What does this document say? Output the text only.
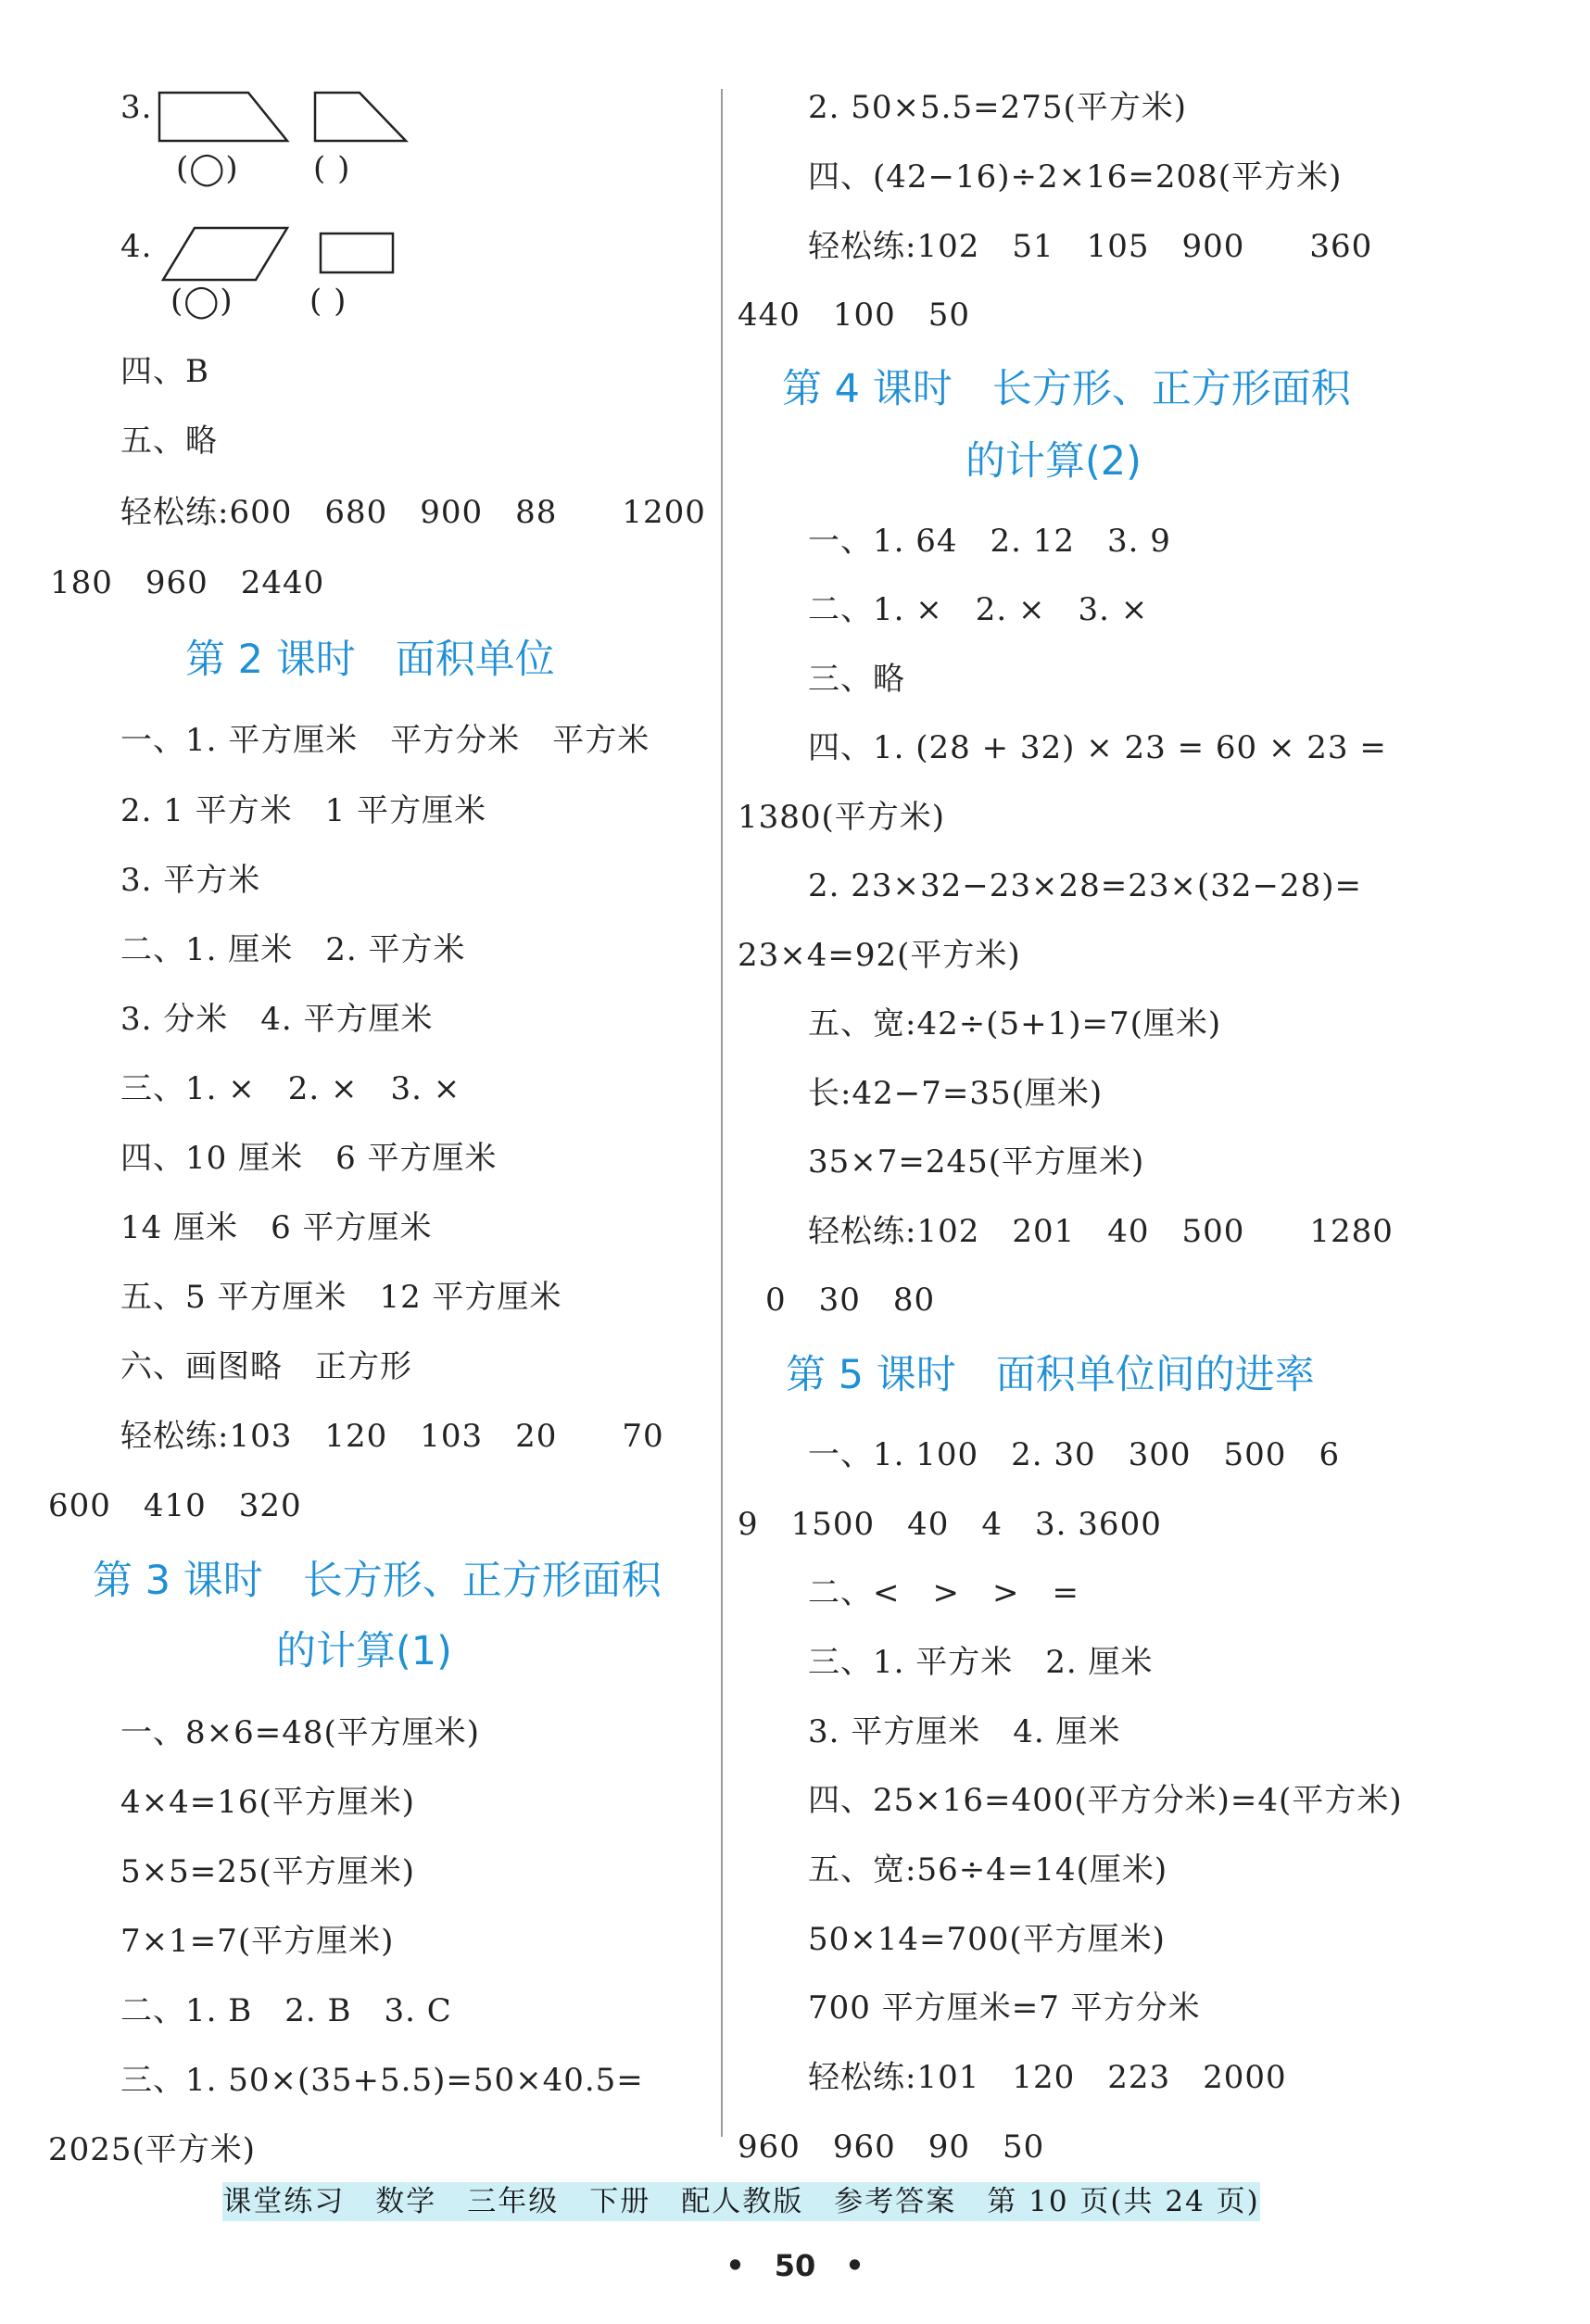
3.
(◯) ( )
4.
(◯) ( )
四、B
五、略
轻松练:600　680　900　88　　1200
180　960　2440
第 2 课时　面积单位
一、1. 平方厘米　平方分米　平方米
2. 1 平方米　1 平方厘米
3. 平方米
二、1. 厘米　2. 平方米
3. 分米　4. 平方厘米
三、1. ×　2. ×　3. ×
四、10 厘米　6 平方厘米
14 厘米　6 平方厘米
五、5 平方厘米　12 平方厘米
六、画图略　正方形
轻松练:103　120　103　20　　70
600　410　320
第 3 课时　长方形、正方形面积
的计算(1)
一、8×6=48(平方厘米)
4×4=16(平方厘米)
5×5=25(平方厘米)
7×1=7(平方厘米)
二、1. B　2. B　3. C
三、1. 50×(35+5.5)=50×40.5=
2025(平方米)
2. 50×5.5=275(平方米)
四、(42−16)÷2×16=208(平方米)
轻松练:102　51　105　900　　360
440　100　50
第 4 课时　长方形、正方形面积
的计算(2)
一、1. 64　2. 12　3. 9
二、1. ×　2. ×　3. ×
三、略
四、1. (28 + 32) × 23 = 60 × 23 =
1380(平方米)
2. 23×32−23×28=23×(32−28)=
23×4=92(平方米)
五、宽:42÷(5+1)=7(厘米)
长:42−7=35(厘米)
35×7=245(平方厘米)
轻松练:102　201　40　500　　1280
0　30　80
第 5 课时　面积单位间的进率
一、1. 100　2. 30　300　500　6
9　1500　40　4　3. 3600
二、<　>　>　=
三、1. 平方米　2. 厘米
3. 平方厘米　4. 厘米
四、25×16=400(平方分米)=4(平方米)
五、宽:56÷4=14(厘米)
50×14=700(平方厘米)
700 平方厘米=7 平方分米
轻松练:101　120　223　2000
960　960　90　50
课堂练习　数学　三年级　下册　配人教版　参考答案　第 10 页(共 24 页)
•　50　•
